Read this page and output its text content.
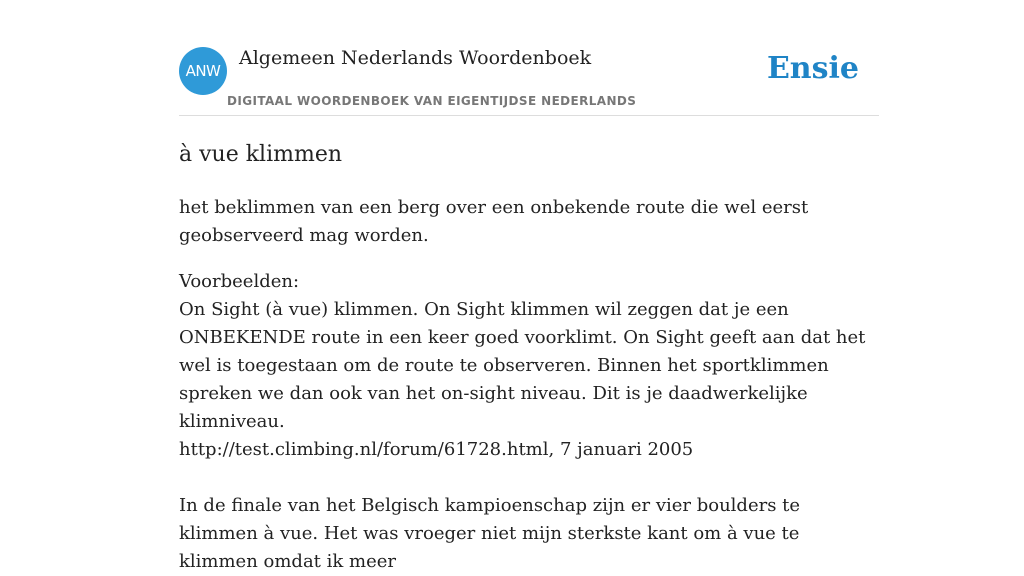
ANW
Algemeen Nederlands Woordenboek
DIGITAAL WOORDENBOEK VAN EIGENTIJDSE NEDERLANDS
Ensie
à vue klimmen

het beklimmen van een berg over een onbekende route die wel eerst geobserveerd mag worden.

Voorbeelden:

On Sight (à vue) klimmen. On Sight klimmen wil zeggen dat je een ONBEKENDE route in een keer goed voorklimt. On Sight geeft aan dat het wel is toegestaan om de route te observeren. Binnen het sportklimmen spreken we dan ook van het on-sight niveau. Dit is je daadwerkelijke klimniveau.
http://test.climbing.nl/forum/61728.html, 7 januari 2005

In de finale van het Belgisch kampioenschap zijn er vier boulders te klimmen à vue. Het was vroeger niet mijn sterkste kant om à vue te klimmen omdat ik meer
